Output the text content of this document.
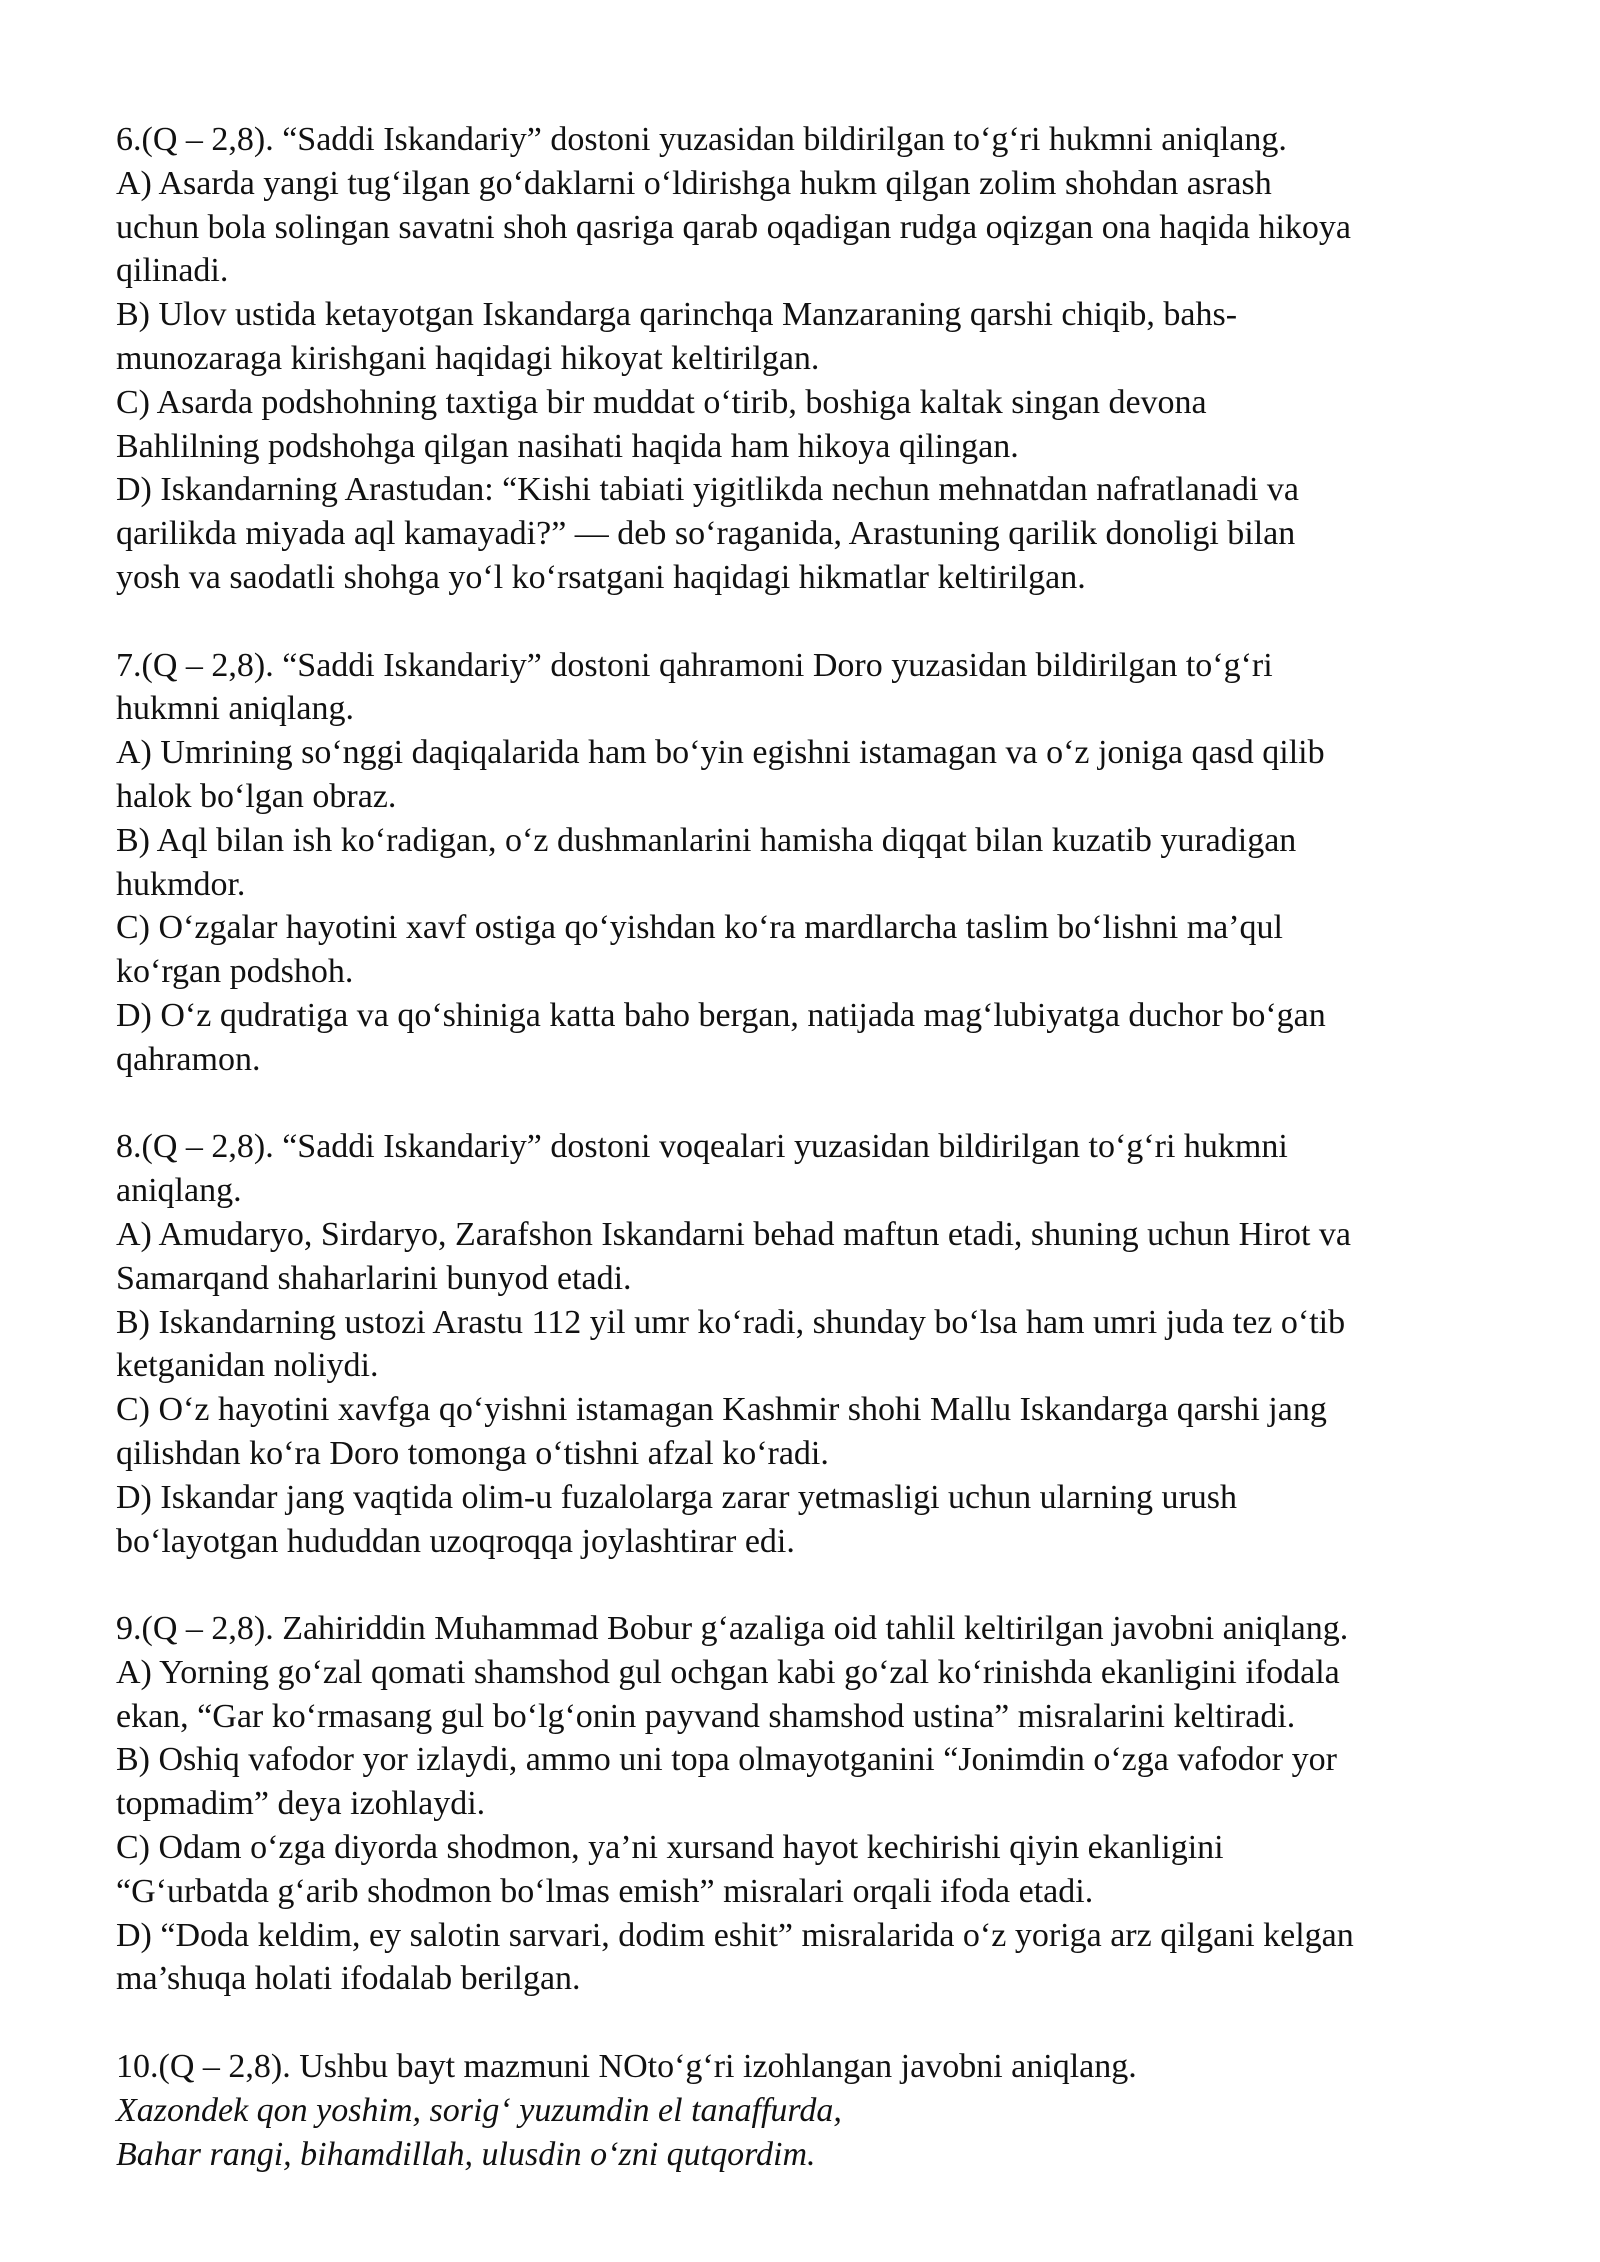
6.(Q – 2,8). “Saddi Iskandariy” dostoni yuzasidan bildirilgan to‘g‘ri hukmni aniqlang.
A) Asarda yangi tug‘ilgan go‘daklarni o‘ldirishga hukm qilgan zolim shohdan asrash
uchun bola solingan savatni shoh qasriga qarab oqadigan rudga oqizgan ona haqida hikoya
qilinadi.
B) Ulov ustida ketayotgan Iskandarga qarinchqa Manzaraning qarshi chiqib, bahs-
munozaraga kirishgani haqidagi hikoyat keltirilgan.
C) Asarda podshohning taxtiga bir muddat o‘tirib, boshiga kaltak singan devona
Bahlilning podshohga qilgan nasihati haqida ham hikoya qilingan.
D) Iskandarning Arastudan: “Kishi tabiati yigitlikda nechun mehnatdan nafratlanadi va
qarilikda miyada aql kamayadi?” — deb so‘raganida, Arastuning qarilik donoligi bilan
yosh va saodatli shohga yo‘l ko‘rsatgani haqidagi hikmatlar keltirilgan.
7.(Q – 2,8). “Saddi Iskandariy” dostoni qahramoni Doro yuzasidan bildirilgan to‘g‘ri
hukmni aniqlang.
A) Umrining so‘nggi daqiqalarida ham bo‘yin egishni istamagan va o‘z joniga qasd qilib
halok bo‘lgan obraz.
B) Aql bilan ish ko‘radigan, o‘z dushmanlarini hamisha diqqat bilan kuzatib yuradigan
hukmdor.
C) O‘zgalar hayotini xavf ostiga qo‘yishdan ko‘ra mardlarcha taslim bo‘lishni ma’qul
ko‘rgan podshoh.
D) O‘z qudratiga va qo‘shiniga katta baho bergan, natijada mag‘lubiyatga duchor bo‘gan
qahramon.
8.(Q – 2,8). “Saddi Iskandariy” dostoni voqealari yuzasidan bildirilgan to‘g‘ri hukmni
aniqlang.
A) Amudaryo, Sirdaryo, Zarafshon Iskandarni behad maftun etadi, shuning uchun Hirot va
Samarqand shaharlarini bunyod etadi.
B) Iskandarning ustozi Arastu 112 yil umr ko‘radi, shunday bo‘lsa ham umri juda tez o‘tib
ketganidan noliydi.
C) O‘z hayotini xavfga qo‘yishni istamagan Kashmir shohi Mallu Iskandarga qarshi jang
qilishdan ko‘ra Doro tomonga o‘tishni afzal ko‘radi.
D) Iskandar jang vaqtida olim-u fuzalolarga zarar yetmasligi uchun ularning urush
bo‘layotgan hududdan uzoqroqqa joylashtirar edi.
9.(Q – 2,8). Zahiriddin Muhammad Bobur g‘azaliga oid tahlil keltirilgan javobni aniqlang.
A) Yorning go‘zal qomati shamshod gul ochgan kabi go‘zal ko‘rinishda ekanligini ifodala
ekan, “Gar ko‘rmasang gul bo‘lg‘onin payvand shamshod ustina” misralarini keltiradi.
B) Oshiq vafodor yor izlaydi, ammo uni topa olmayotganini “Jonimdin o‘zga vafodor yor
topmadim” deya izohlaydi.
C) Odam o‘zga diyorda shodmon, ya’ni xursand hayot kechirishi qiyin ekanligini
“G‘urbatda g‘arib shodmon bo‘lmas emish” misralari orqali ifoda etadi.
D) “Doda keldim, ey salotin sarvari, dodim eshit” misralarida o‘z yoriga arz qilgani kelgan
ma’shuqa holati ifodalab berilgan.
10.(Q – 2,8). Ushbu bayt mazmuni NOto‘g‘ri izohlangan javobni aniqlang.
Xazondek qon yoshim, sorig‘ yuzumdin el tanaffurda,
Bahar rangi, bihamdillah, ulusdin o‘zni qutqordim.
